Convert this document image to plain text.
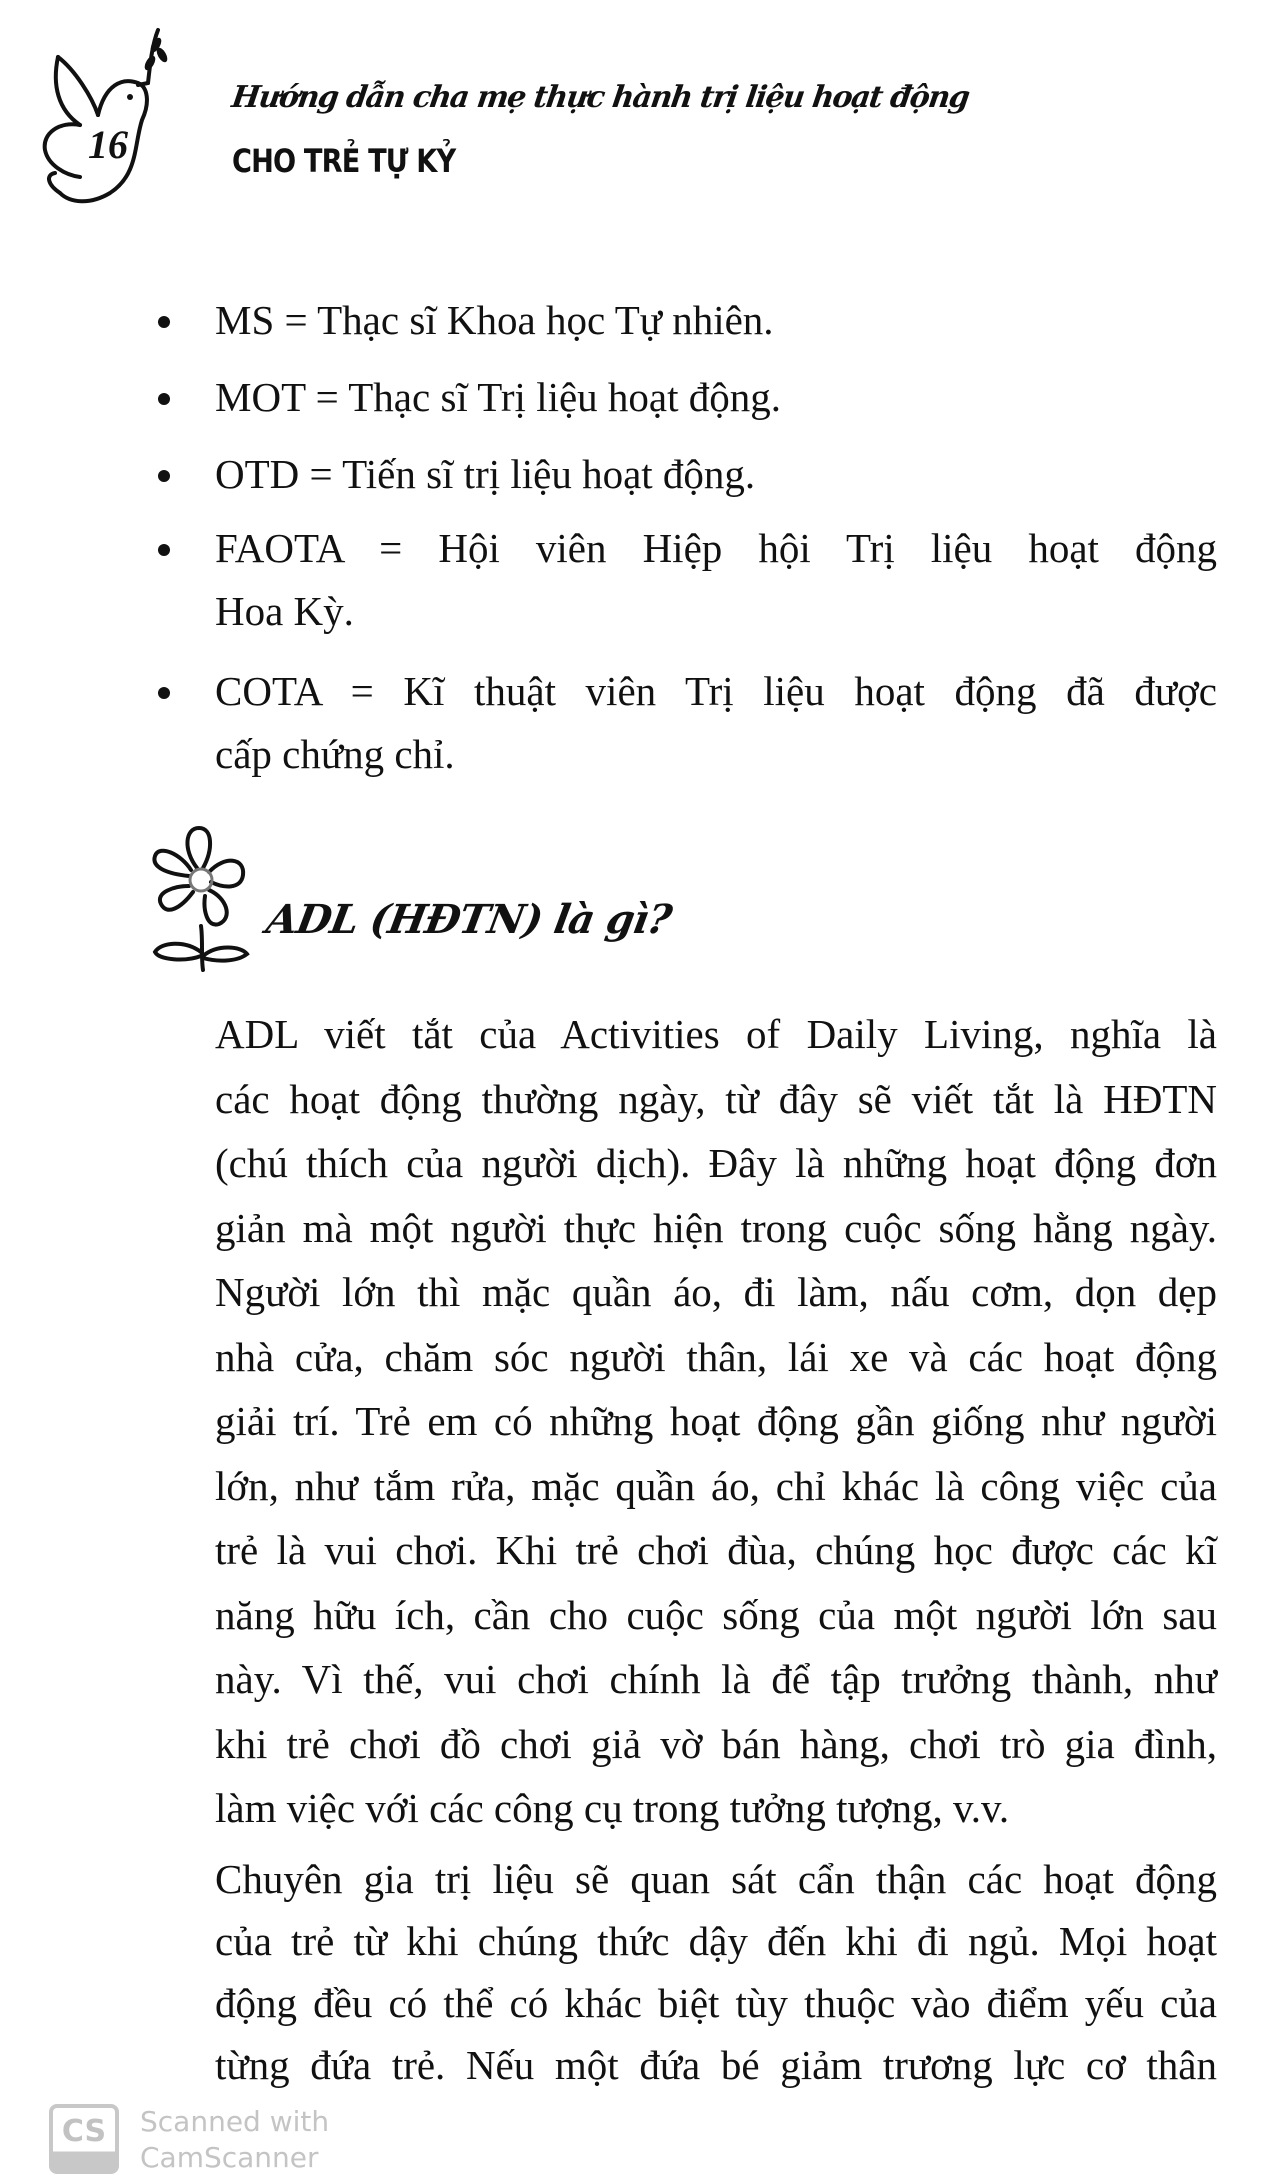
16
Hướng dẫn cha mẹ thực hành trị liệu hoạt động
CHO TRẺ TỰ KỶ
MS = Thạc sĩ Khoa học Tự nhiên.
MOT = Thạc sĩ Trị liệu hoạt động.
OTD = Tiến sĩ trị liệu hoạt động.
FAOTA = Hội viên Hiệp hội Trị liệu hoạt động
Hoa Kỳ.
COTA = Kĩ thuật viên Trị liệu hoạt động đã được
cấp chứng chỉ.
ADL (HĐTN) là gì?
ADL viết tắt của Activities of Daily Living, nghĩa là
các hoạt động thường ngày, từ đây sẽ viết tắt là HĐTN
(chú thích của người dịch). Đây là những hoạt động đơn
giản mà một người thực hiện trong cuộc sống hằng ngày.
Người lớn thì mặc quần áo, đi làm, nấu cơm, dọn dẹp
nhà cửa, chăm sóc người thân, lái xe và các hoạt động
giải trí. Trẻ em có những hoạt động gần giống như người
lớn, như tắm rửa, mặc quần áo, chỉ khác là công việc của
trẻ là vui chơi. Khi trẻ chơi đùa, chúng học được các kĩ
năng hữu ích, cần cho cuộc sống của một người lớn sau
này. Vì thế, vui chơi chính là để tập trưởng thành, như
khi trẻ chơi đồ chơi giả vờ bán hàng, chơi trò gia đình,
làm việc với các công cụ trong tưởng tượng, v.v.
Chuyên gia trị liệu sẽ quan sát cẩn thận các hoạt động
của trẻ từ khi chúng thức dậy đến khi đi ngủ. Mọi hoạt
động đều có thể có khác biệt tùy thuộc vào điểm yếu của
từng đứa trẻ. Nếu một đứa bé giảm trương lực cơ thân
CS Scanned with
CamScanner
